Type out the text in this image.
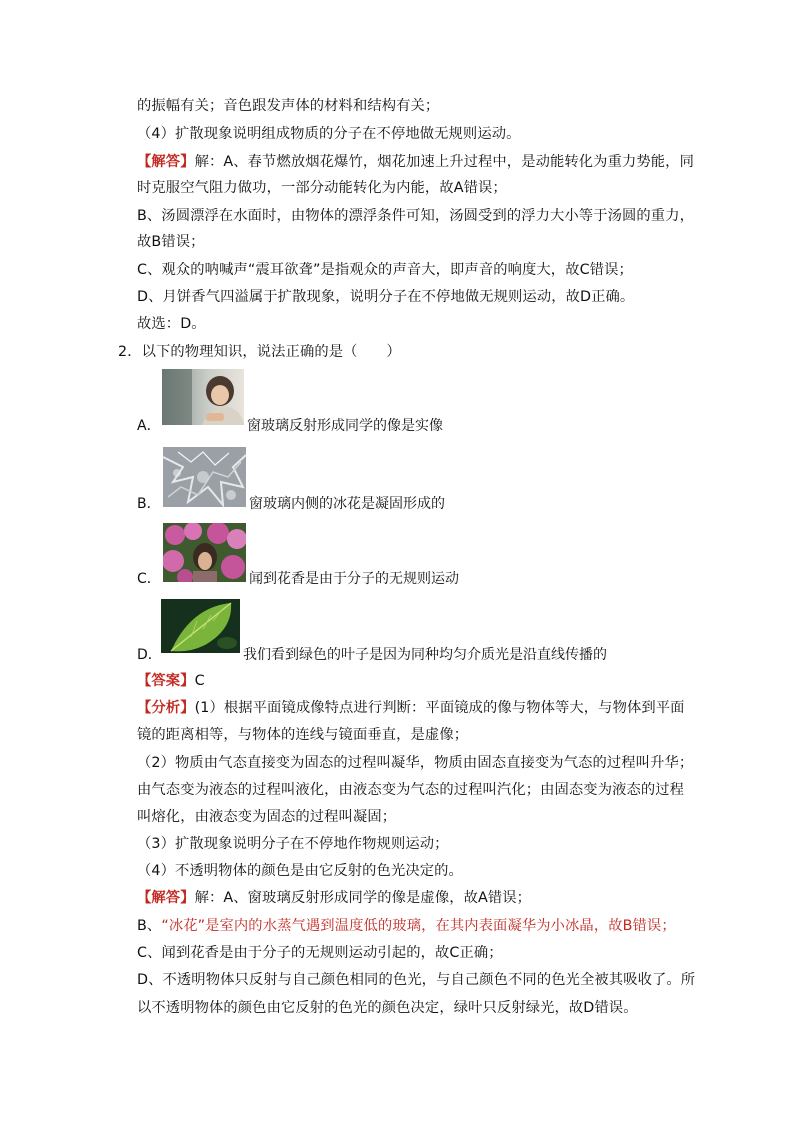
的振幅有关；音色跟发声体的材料和结构有关；
（4）扩散现象说明组成物质的分子在不停地做无规则运动。
【解答】解：A、春节燃放烟花爆竹，烟花加速上升过程中，是动能转化为重力势能，同
时克服空气阻力做功，一部分动能转化为内能，故A错误；
B、汤圆漂浮在水面时，由物体的漂浮条件可知，汤圆受到的浮力大小等于汤圆的重力，
故B错误；
C、观众的呐喊声“震耳欲聋”是指观众的声音大，即声音的响度大，故C错误；
D、月饼香气四溢属于扩散现象，说明分子在不停地做无规则运动，故D正确。
故选：D。
2．以下的物理知识，说法正确的是（　　）
A．	窗玻璃反射形成同学的像是实像
B．	窗玻璃内侧的冰花是凝固形成的
C．	闻到花香是由于分子的无规则运动
D．	我们看到绿色的叶子是因为同种均匀介质光是沿直线传播的
【答案】C
【分析】(1）根据平面镜成像特点进行判断：平面镜成的像与物体等大，与物体到平面
镜的距离相等，与物体的连线与镜面垂直，是虚像；
（2）物质由气态直接变为固态的过程叫凝华，物质由固态直接变为气态的过程叫升华；
由气态变为液态的过程叫液化，由液态变为气态的过程叫汽化；由固态变为液态的过程
叫熔化，由液态变为固态的过程叫凝固；
（3）扩散现象说明分子在不停地作物规则运动；
（4）不透明物体的颜色是由它反射的色光决定的。
【解答】解：A、窗玻璃反射形成同学的像是虚像，故A错误；
B、“冰花”是室内的水蒸气遇到温度低的玻璃，在其内表面凝华为小冰晶，故B错误；
C、闻到花香是由于分子的无规则运动引起的，故C正确；
D、不透明物体只反射与自己颜色相同的色光，与自己颜色不同的色光全被其吸收了。所
以不透明物体的颜色由它反射的色光的颜色决定，绿叶只反射绿光，故D错误。
